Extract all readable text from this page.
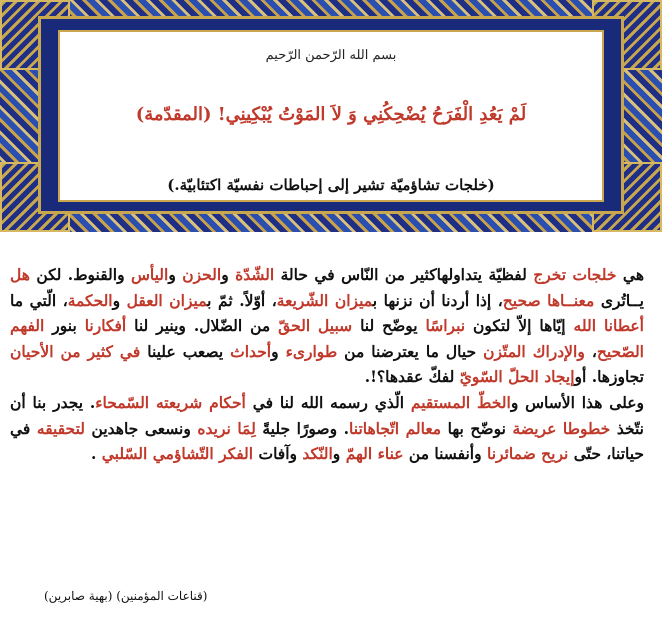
بسم الله الرّحمن الرّحيم
لَمْ يَعُدِ الْفَرَحُ يُضْحِكُنِي وَ لاَ المَوْتُ يُبْكِينِي! (المقدّمة)
(خلجات تشاؤميّة تشير إلى إحباطات نفسيّة اكتئابيّة.)

هي خلجات تخرج لفظيّة يتداولهاكثير من النّاس في حالة الشّدّة والحزن واليأس والقنوط. لكن هل يــاتُرى معنــاها صحيح، إذا أردنا أن نزنها بميزان الشّريعة، أوّلاً. ثمّ بميزان العقل والحكمة، الّتي ما أعطانا الله إيّاها إلاّ لتكون نبراسًا يوضّح لنا سبيل الحقّ من الضّلال. وينير لنا أفكارنا بنور الفهم الصّحيح، والإدراك المتّزن حيال ما يعترضنا من طوارىء وأحداث يصعب علينا في كثير من الأحيان تجاوزها. أوإيجاد الحلّ السّويّ لفكّ عقدها؟!.

وعلى هذا الأساس والخطّ المستقيم الّذي رسمه الله لنا في أحكام شريعته السّمحاء. يجدر بنا أن نتّخذ خطوطا عريضة نوضّح بها معالم اتّجاهاتنا. وصورًا جليةً لِمَا نريده ونسعى جاهدين لتحقيقه في حياتنا، حتّى نريح ضمائرنا وأنفسنا من عناء الهمّ والنّكد وآفات الفكر التّشاؤمي السّلبي .

(قناعات المؤمنين) (بهية صابرين)
